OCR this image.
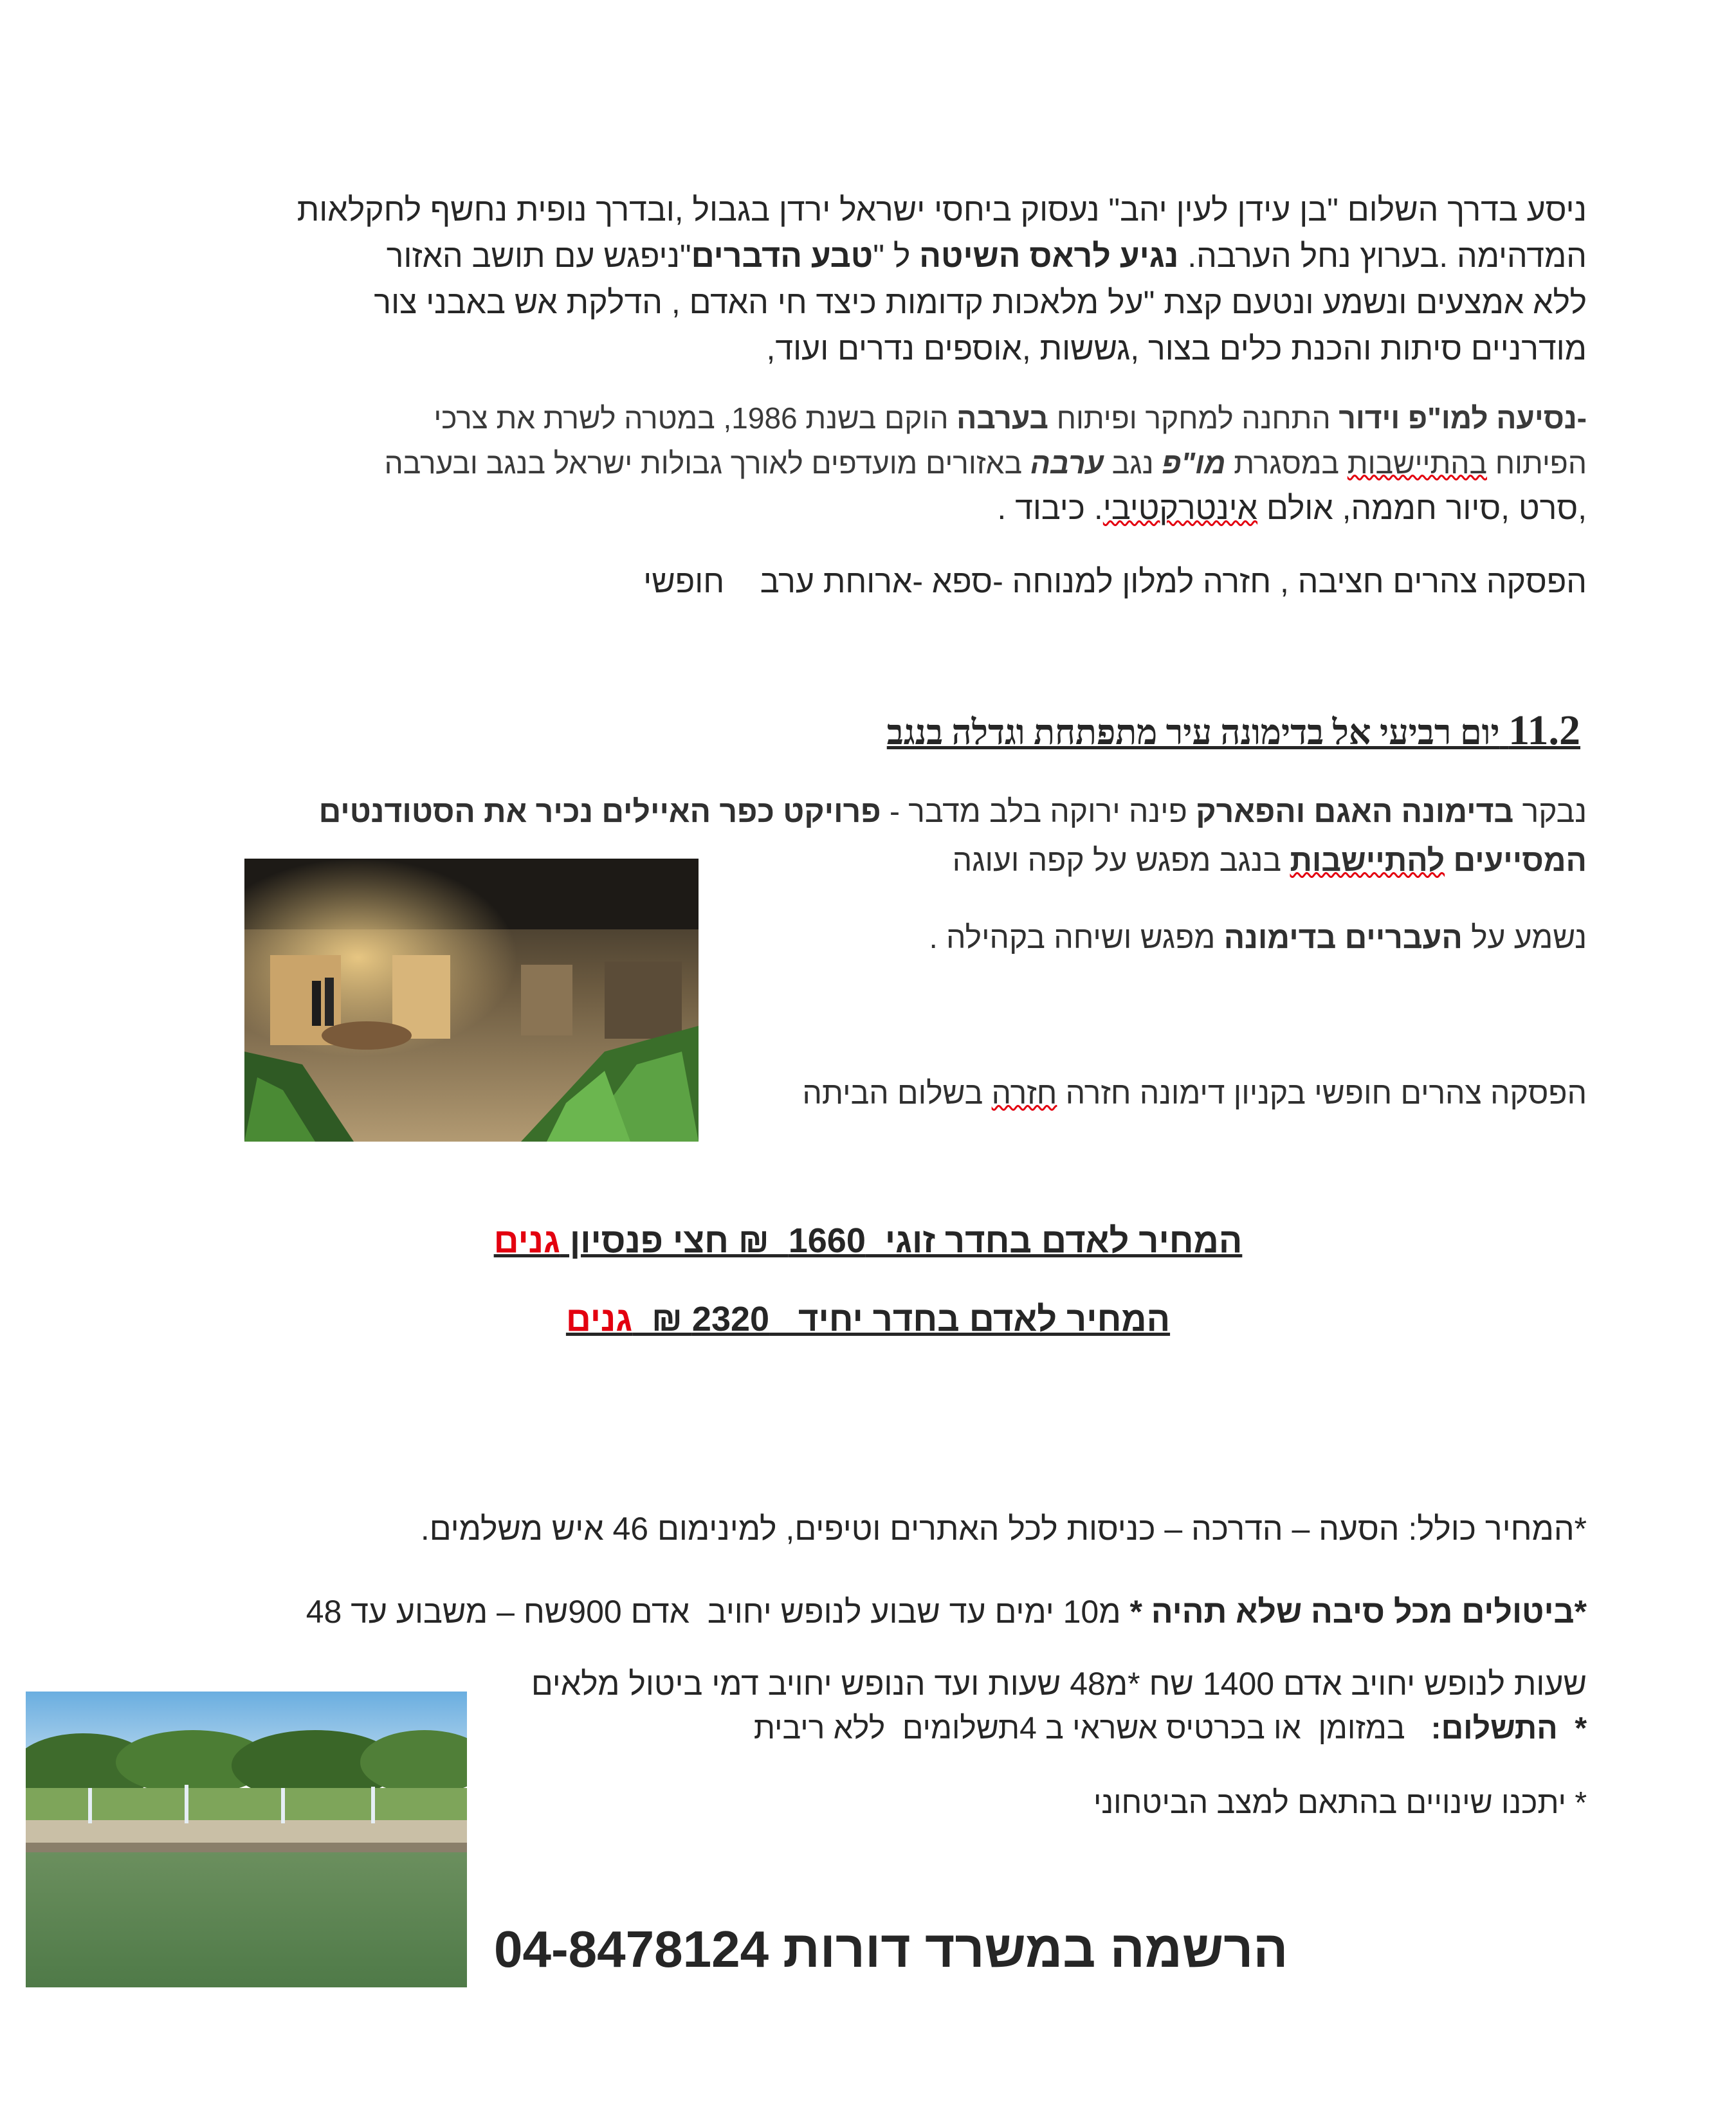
ניסע בדרך השלום "בן עידן לעין יהב" נעסוק ביחסי ישראל ירדן בגבול ,ובדרך נופית נחשף לחקלאות
המדהימה .בערוץ נחל הערבה. נגיע לראס השיטה ל "טבע הדברים"ניפגש עם תושב האזור
ללא אמצעים ונשמע ונטעם קצת "על מלאכות קדומות כיצד חי האדם , הדלקת אש באבני צור
מודרניים סיתות והכנת כלים בצור ,גששות ,אוספים נדרים ועוד,
-נסיעה למו"פ וידור התחנה למחקר ופיתוח בערבה הוקם בשנת 1986, במטרה לשרת את צרכי
הפיתוח בהתיישבות במסגרת מו"פ נגב ערבה באזורים מועדפים לאורך גבולות ישראל בנגב ובערבה
,סרט ,סיור חממה, אולם אינטרקטיבי. כיבוד .
הפסקה צהרים חציבה , חזרה למלון למנוחה -ספא -ארוחת ערב    חופשי
11.2 יום רביעי אל בדימונה עיר מתפתחת וגדלה בנגב
נבקר בדימונה האגם והפארק פינה ירוקה בלב מדבר - פרויקט כפר האיילים נכיר את הסטודנטים
המסייעים להתיישבות בנגב מפגש על קפה ועוגה
נשמע על העבריים בדימונה מפגש ושיחה בקהילה .
הפסקה צהרים חופשי בקניון דימונה חזרה חזרה בשלום הביתה
המחיר לאדם בחדר זוגי  1660  ₪ חצי פנסיון גנים
המחיר לאדם בחדר יחיד   2320 ₪  גנים
*המחיר כולל: הסעה – הדרכה – כניסות לכל האתרים וטיפים, למינימום 46 איש משלמים.
*ביטולים מכל סיבה שלא תהיה * מ10 ימים עד שבוע לנופש יחויב  אדם 900שח – משבוע עד 48
שעות לנופש יחויב אדם 1400 שח *מ48 שעות ועד הנופש יחויב דמי ביטול מלאים
*  התשלום:   במזומן  או בכרטיס אשראי ב 4תשלומים  ללא ריבית
* יתכנו שינויים בהתאם למצב הביטחוני
הרשמה במשרד דורות 04-8478124
